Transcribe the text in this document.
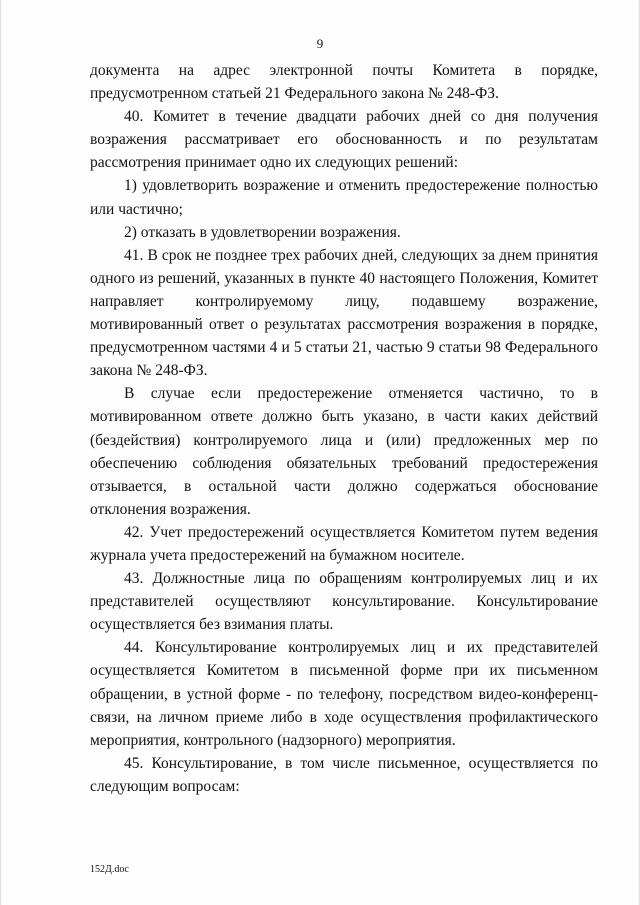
9

документа на адрес электронной почты Комитета в порядке, предусмотренном статьей 21 Федерального закона № 248-ФЗ.

40. Комитет в течение двадцати рабочих дней со дня получения возражения рассматривает его обоснованность и по результатам рассмотрения принимает одно их следующих решений:

1) удовлетворить возражение и отменить предостережение полностью или частично;

2) отказать в удовлетворении возражения.

41. В срок не позднее трех рабочих дней, следующих за днем принятия одного из решений, указанных в пункте 40 настоящего Положения, Комитет направляет контролируемому лицу, подавшему возражение, мотивированный ответ о результатах рассмотрения возражения в порядке, предусмотренном частями 4 и 5 статьи 21, частью 9 статьи 98 Федерального закона № 248-ФЗ.

В случае если предостережение отменяется частично, то в мотивированном ответе должно быть указано, в части каких действий (бездействия) контролируемого лица и (или) предложенных мер по обеспечению соблюдения обязательных требований предостережения отзывается, в остальной части должно содержаться обоснование отклонения возражения.

42. Учет предостережений осуществляется Комитетом путем ведения журнала учета предостережений на бумажном носителе.

43. Должностные лица по обращениям контролируемых лиц и их представителей осуществляют консультирование. Консультирование осуществляется без взимания платы.

44. Консультирование контролируемых лиц и их представителей осуществляется Комитетом в письменной форме при их письменном обращении, в устной форме - по телефону, посредством видео-конференц-связи, на личном приеме либо в ходе осуществления профилактического мероприятия, контрольного (надзорного) мероприятия.

45. Консультирование, в том числе письменное, осуществляется по следующим вопросам:

152Д.doc
